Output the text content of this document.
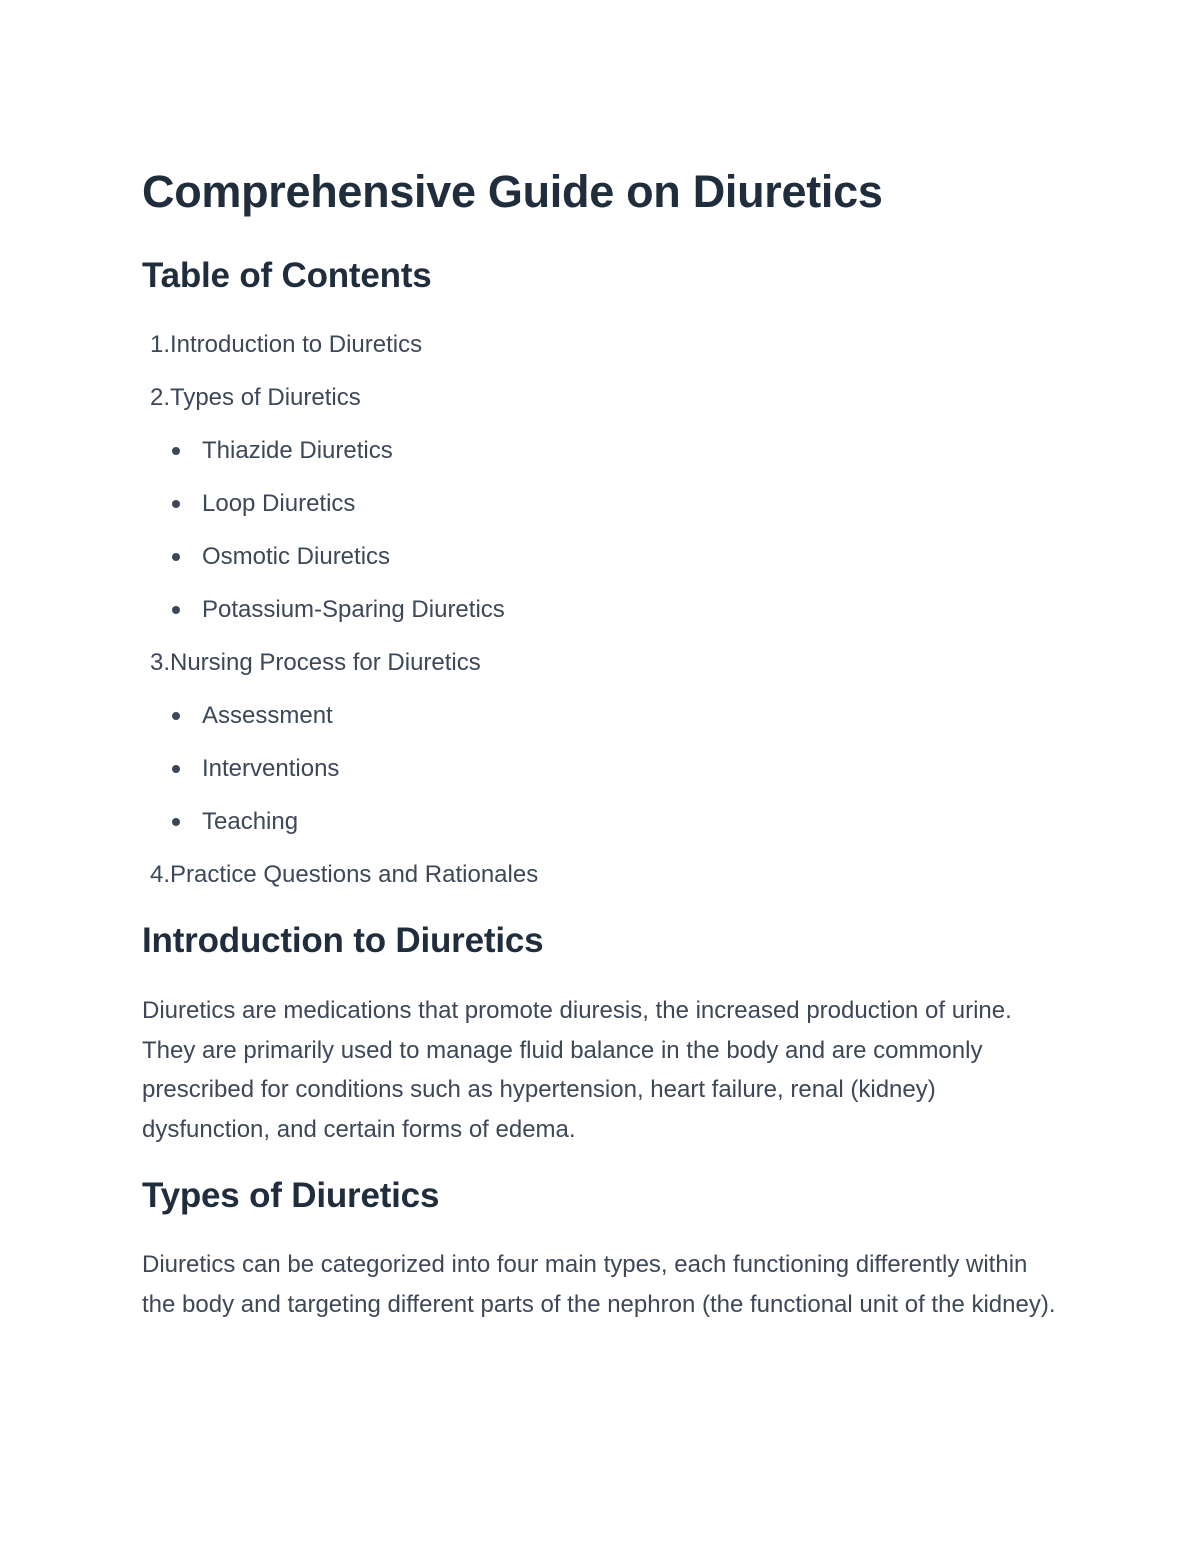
Comprehensive Guide on Diuretics
Table of Contents
1. Introduction to Diuretics
2. Types of Diuretics
Thiazide Diuretics
Loop Diuretics
Osmotic Diuretics
Potassium-Sparing Diuretics
3. Nursing Process for Diuretics
Assessment
Interventions
Teaching
4. Practice Questions and Rationales
Introduction to Diuretics

Diuretics are medications that promote diuresis, the increased production of urine. They are primarily used to manage fluid balance in the body and are commonly prescribed for conditions such as hypertension, heart failure, renal (kidney) dysfunction, and certain forms of edema.

Types of Diuretics

Diuretics can be categorized into four main types, each functioning differently within the body and targeting different parts of the nephron (the functional unit of the kidney).
